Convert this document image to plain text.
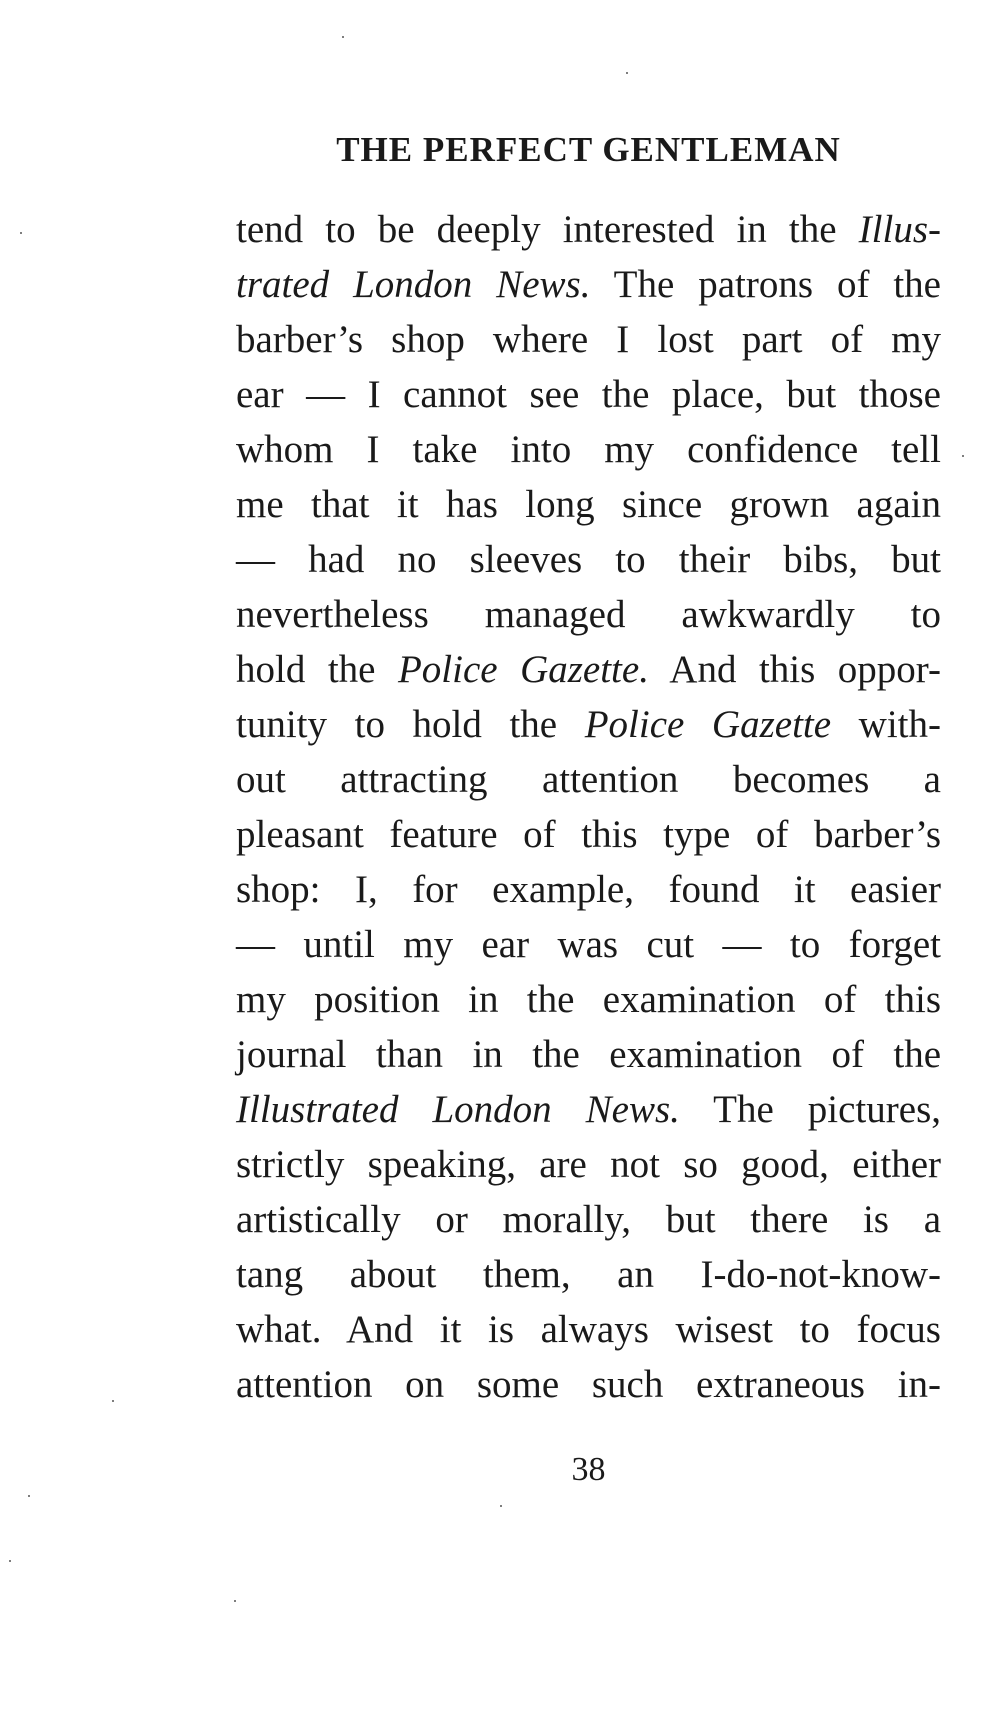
THE PERFECT GENTLEMAN
tend to be deeply interested in the Illus-
trated London News. The patrons of the
barber’s shop where I lost part of my
ear — I cannot see the place, but those
whom I take into my confidence tell
me that it has long since grown again
— had no sleeves to their bibs, but
nevertheless managed awkwardly to
hold the Police Gazette. And this oppor-
tunity to hold the Police Gazette with-
out attracting attention becomes a
pleasant feature of this type of barber’s
shop: I, for example, found it easier
— until my ear was cut — to forget
my position in the examination of this
journal than in the examination of the
Illustrated London News. The pictures,
strictly speaking, are not so good, either
artistically or morally, but there is a
tang about them, an I-do-not-know-
what. And it is always wisest to focus
attention on some such extraneous in-
38
